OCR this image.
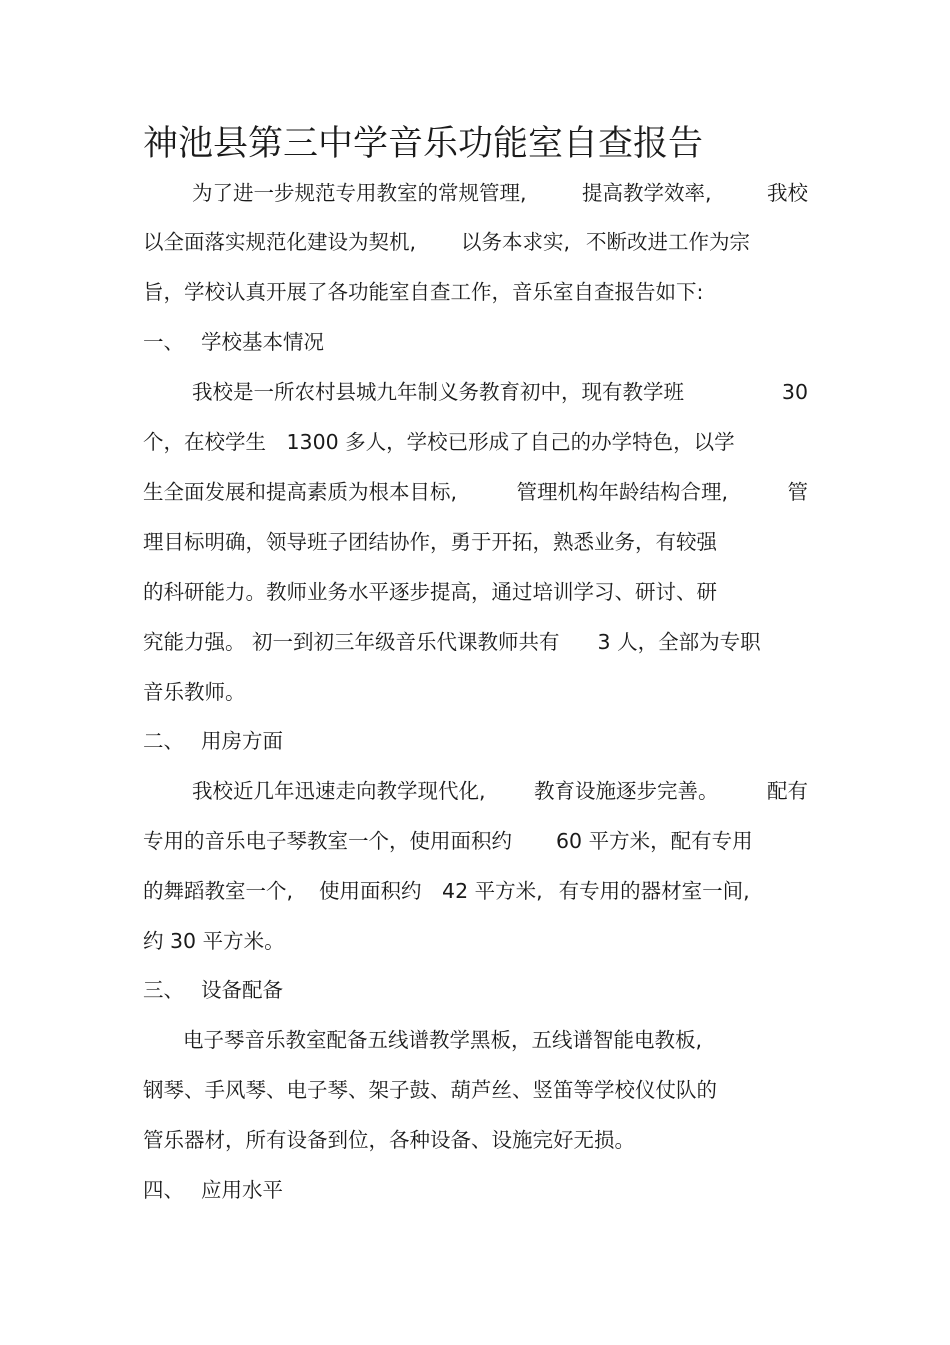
神池县第三中学音乐功能室自查报告
为了进一步规范专用教室的常规管理,	提高教学效率,	我校
以全面落实规范化建设为契机, 以务本求实, 不断改进工作为宗
旨，学校认真开展了各功能室自查工作，音乐室自查报告如下:
一、 学校基本情况
我校是一所农村县城九年制义务教育初中，现有教学班	30
个，在校学生　1300 多人，学校已形成了自己的办学特色，以学
生全面发展和提高素质为根本目标,	管理机构年龄结构合理,	管
理目标明确，领导班子团结协作，勇于开拓，熟悉业务，有较强
的科研能力。教师业务水平逐步提高，通过培训学习、研讨、研
究能力强。 初一到初三年级音乐代课教师共有 3 人，全部为专职
音乐教师。
二、 用房方面
我校近几年迅速走向教学现代化, 教育设施逐步完善。 配有
专用的音乐电子琴教室一个，使用面积约 60 平方米，配有专用
的舞蹈教室一个, 使用面积约　42 平方米, 有专用的器材室一间,
约 30 平方米。
三、 设备配备
电子琴音乐教室配备五线谱教学黑板，五线谱智能电教板,
钢琴、手风琴、电子琴、架子鼓、葫芦丝、竖笛等学校仪仗队的
管乐器材，所有设备到位，各种设备、设施完好无损。
四、 应用水平
